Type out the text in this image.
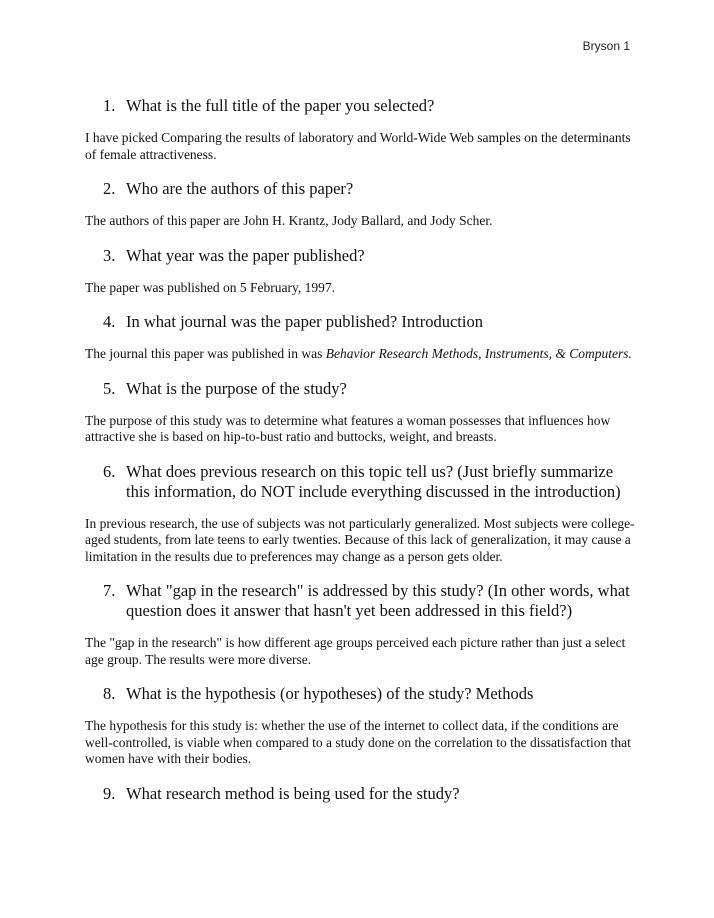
Bryson 1
1. What is the full title of the paper you selected?

I have picked Comparing the results of laboratory and World-Wide Web samples on the determinants of female attractiveness.

2. Who are the authors of this paper?

The authors of this paper are John H. Krantz, Jody Ballard, and Jody Scher.

3. What year was the paper published?

The paper was published on 5 February, 1997.

4. In what journal was the paper published? Introduction

The journal this paper was published in was Behavior Research Methods, Instruments, & Computers.

5. What is the purpose of the study?

The purpose of this study was to determine what features a woman possesses that influences how attractive she is based on hip-to-bust ratio and buttocks, weight, and breasts.

6. What does previous research on this topic tell us? (Just briefly summarize this information, do NOT include everything discussed in the introduction)

In previous research, the use of subjects was not particularly generalized. Most subjects were college-aged students, from late teens to early twenties. Because of this lack of generalization, it may cause a limitation in the results due to preferences may change as a person gets older.

7. What "gap in the research" is addressed by this study? (In other words, what question does it answer that hasn't yet been addressed in this field?)

The "gap in the research" is how different age groups perceived each picture rather than just a select age group. The results were more diverse.

8. What is the hypothesis (or hypotheses) of the study? Methods

The hypothesis for this study is: whether the use of the internet to collect data, if the conditions are well-controlled, is viable when compared to a study done on the correlation to the dissatisfaction that women have with their bodies.

9. What research method is being used for the study?
